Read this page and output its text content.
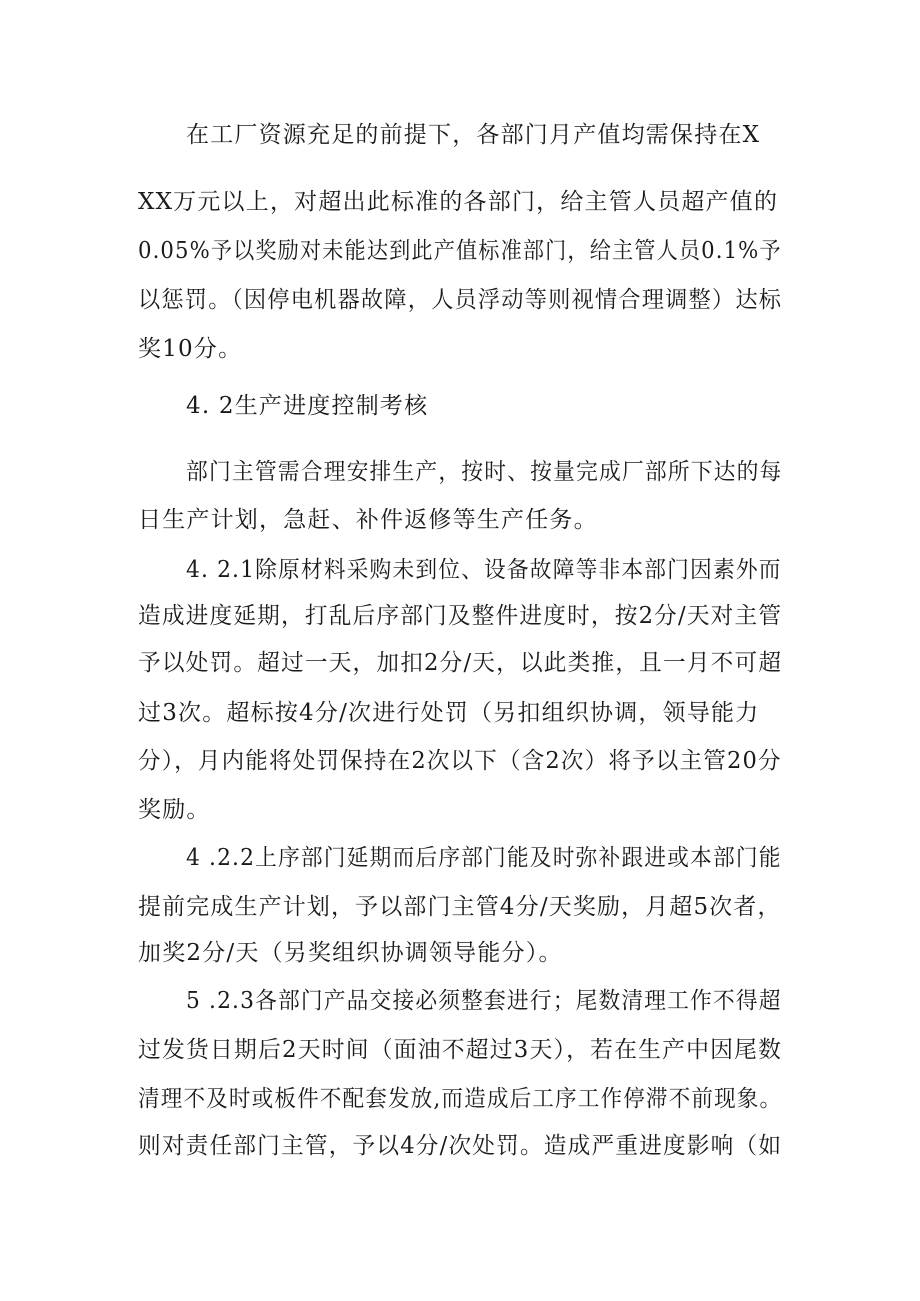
在工厂资源充足的前提下，各部门月产值均需保持在X
XX万元以上，对超出此标准的各部门，给主管人员超产值的
0.05%予以奖励对未能达到此产值标准部门，给主管人员0.1%予
以惩罚。（因停电机器故障，人员浮动等则视情合理调整）达标
奖10分。
4. 2生产进度控制考核
部门主管需合理安排生产，按时、按量完成厂部所下达的每
日生产计划，急赶、补件返修等生产任务。
4. 2.1除原材料采购未到位、设备故障等非本部门因素外而
造成进度延期，打乱后序部门及整件进度时，按2分/天对主管
予以处罚。超过一天，加扣2分/天，以此类推，且一月不可超
过3次。超标按4分/次进行处罚（另扣组织协调，领导能力
分），月内能将处罚保持在2次以下（含2次）将予以主管20分
奖励。
4 .2.2上序部门延期而后序部门能及时弥补跟进或本部门能
提前完成生产计划，予以部门主管4分/天奖励，月超5次者，
加奖2分/天（另奖组织协调领导能分）。
5 .2.3各部门产品交接必须整套进行；尾数清理工作不得超
过发货日期后2天时间（面油不超过3天），若在生产中因尾数
清理不及时或板件不配套发放,而造成后工序工作停滞不前现象。
则对责任部门主管，予以4分/次处罚。造成严重进度影响（如
